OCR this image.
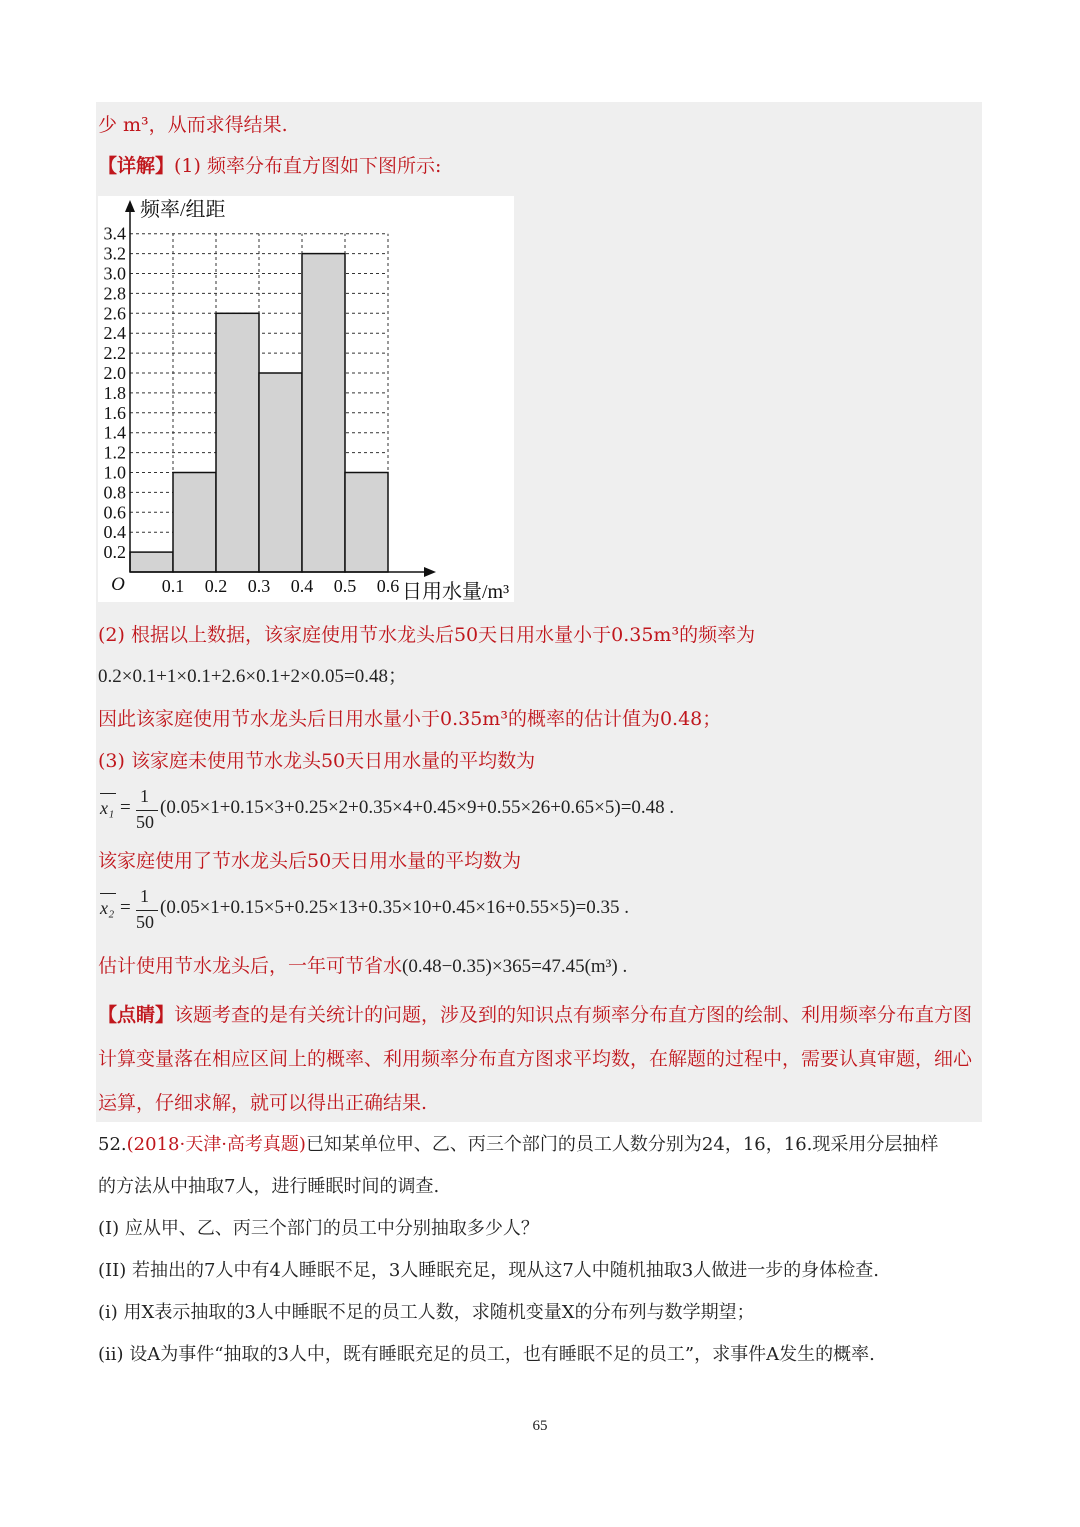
少 m³，从而求得结果.
【详解】(1) 频率分布直方图如下图所示:
0.2
0.4
0.6
0.8
1.0
1.2
1.4
1.6
1.8
2.0
2.2
2.4
2.6
2.8
3.0
3.2
3.4
0.1 0.2 0.3 0.4 0.5 0.6
O
频率/组距
日用水量/m³
(2) 根据以上数据，该家庭使用节水龙头后50天日用水量小于0.35m³的频率为
0.2×0.1+1×0.1+2.6×0.1+2×0.05=0.48；
因此该家庭使用节水龙头后日用水量小于0.35m³的概率的估计值为0.48；
(3) 该家庭未使用节水龙头50天日用水量的平均数为
x₁ =
1
50
(0.05×1+0.15×3+0.25×2+0.35×4+0.45×9+0.55×26+0.65×5)=0.48 .
该家庭使用了节水龙头后50天日用水量的平均数为
x₂ =
1
50
(0.05×1+0.15×5+0.25×13+0.35×10+0.45×16+0.55×5)=0.35 .
估计使用节水龙头后，一年可节省水(0.48−0.35)×365=47.45(m³) .
【点睛】该题考查的是有关统计的问题，涉及到的知识点有频率分布直方图的绘制、利用频率分布直方图
计算变量落在相应区间上的概率、利用频率分布直方图求平均数，在解题的过程中，需要认真审题，细心
运算，仔细求解，就可以得出正确结果.
52.(2018·天津·高考真题)已知某单位甲、乙、丙三个部门的员工人数分别为24，16，16.现采用分层抽样
的方法从中抽取7人，进行睡眠时间的调查.
(I) 应从甲、乙、丙三个部门的员工中分别抽取多少人？
(II) 若抽出的7人中有4人睡眠不足，3人睡眠充足，现从这7人中随机抽取3人做进一步的身体检查.
(i) 用X表示抽取的3人中睡眠不足的员工人数，求随机变量X的分布列与数学期望；
(ii) 设A为事件“抽取的3人中，既有睡眠充足的员工，也有睡眠不足的员工”，求事件A发生的概率.
65
